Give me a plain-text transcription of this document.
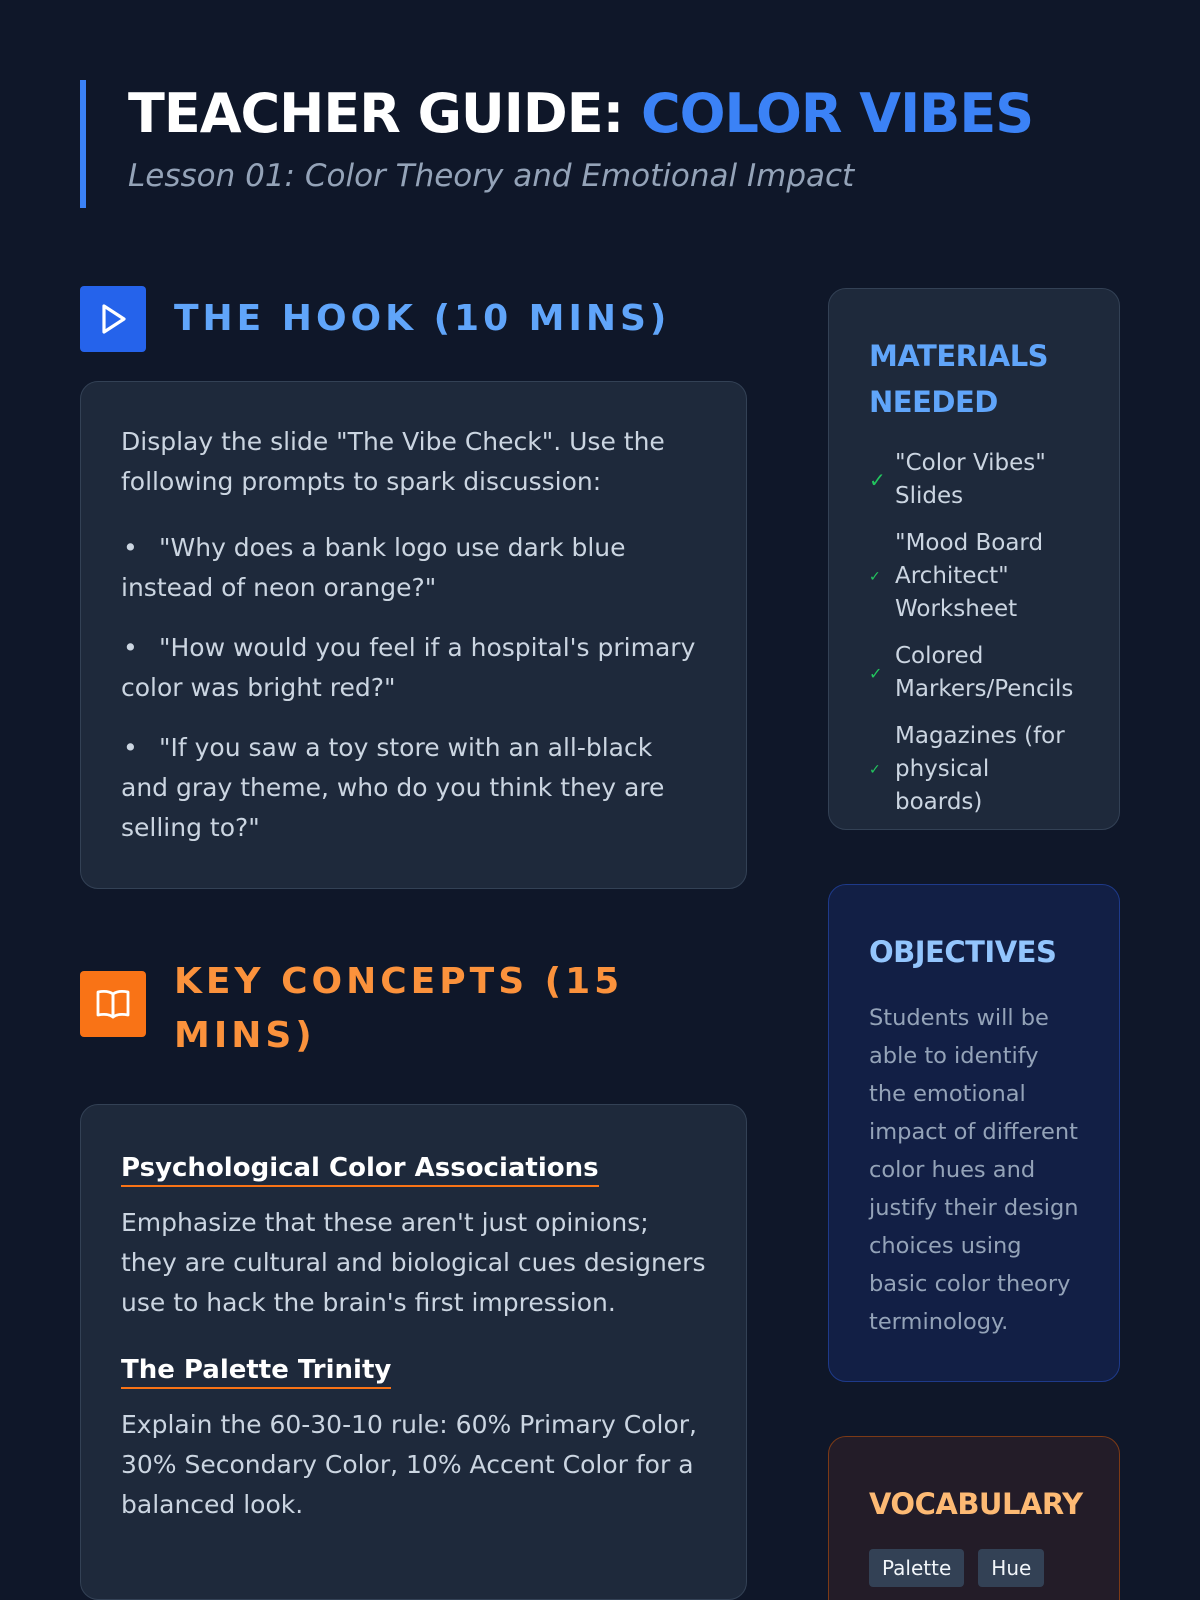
TEACHER GUIDE: COLOR VIBES
Lesson 01: Color Theory and Emotional Impact
THE HOOK (10 MINS)

Display the slide "The Vibe Check". Use the following prompts to spark discussion:

• "Why does a bank logo use dark blue instead of neon orange?"
• "How would you feel if a hospital's primary color was bright red?"
• "If you saw a toy store with an all-black and gray theme, who do you think they are selling to?"
KEY CONCEPTS (15 MINS)
Psychological Color Associations

Emphasize that these aren't just opinions; they are cultural and biological cues designers use to hack the brain's first impression.

The Palette Trinity

Explain the 60-30-10 rule: 60% Primary Color, 30% Secondary Color, 10% Accent Color for a balanced look.

MATERIALS NEEDED
✓
"Color Vibes" Slides
✓
"Mood Board Architect" Worksheet
✓
Colored Markers/Pencils
✓
Magazines (for physical boards)
OBJECTIVES
Students will be able to identify the emotional impact of different color hues and justify their design choices using basic color theory terminology.
VOCABULARY
Palette	Hue
